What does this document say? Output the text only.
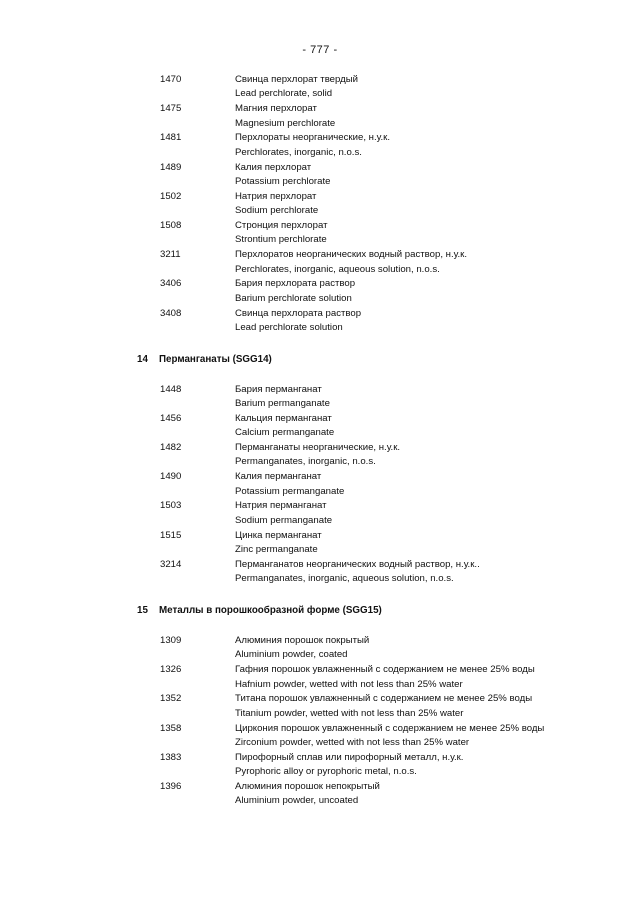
- 777 -
1470	Свинца перхлорат твердый
Lead perchlorate, solid
1475	Магния перхлорат
Magnesium perchlorate
1481	Перхлораты неорганические, н.у.к.
Perchlorates, inorganic, n.o.s.
1489	Калия перхлорат
Potassium perchlorate
1502	Натрия перхлорат
Sodium perchlorate
1508	Стронция перхлорат
Strontium perchlorate
3211	Перхлоратов неорганических водный раствор, н.у.к.
Perchlorates, inorganic, aqueous solution, n.o.s.
3406	Бария перхлората раствор
Barium perchlorate solution
3408	Свинца перхлората раствор
Lead perchlorate solution
14 Перманганаты (SGG14)
1448	Бария перманганат
Barium permanganate
1456	Кальция перманганат
Calcium permanganate
1482	Перманганаты неорганические, н.у.к.
Permanganates, inorganic, n.o.s.
1490	Калия перманганат
Potassium permanganate
1503	Натрия перманганат
Sodium permanganate
1515	Цинка перманганат
Zinc permanganate
3214	Перманганатов неорганических водный раствор, н.у.к..
Permanganates, inorganic, aqueous solution, n.o.s.
15 Металлы в порошкообразной форме (SGG15)
1309	Алюминия порошок покрытый
Aluminium powder, coated
1326	Гафния порошок увлажненный с содержанием не менее 25% воды
Hafnium powder, wetted with not less than 25% water
1352	Титана порошок увлажненный с содержанием не менее 25% воды
Titanium powder, wetted with not less than 25% water
1358	Циркония порошок увлажненный с содержанием не менее 25% воды
Zirconium powder, wetted with not less than 25% water
1383	Пирофорный сплав или пирофорный металл, н.у.к.
Pyrophoric alloy or pyrophoric metal, n.o.s.
1396	Алюминия порошок непокрытый
Aluminium powder, uncoated
